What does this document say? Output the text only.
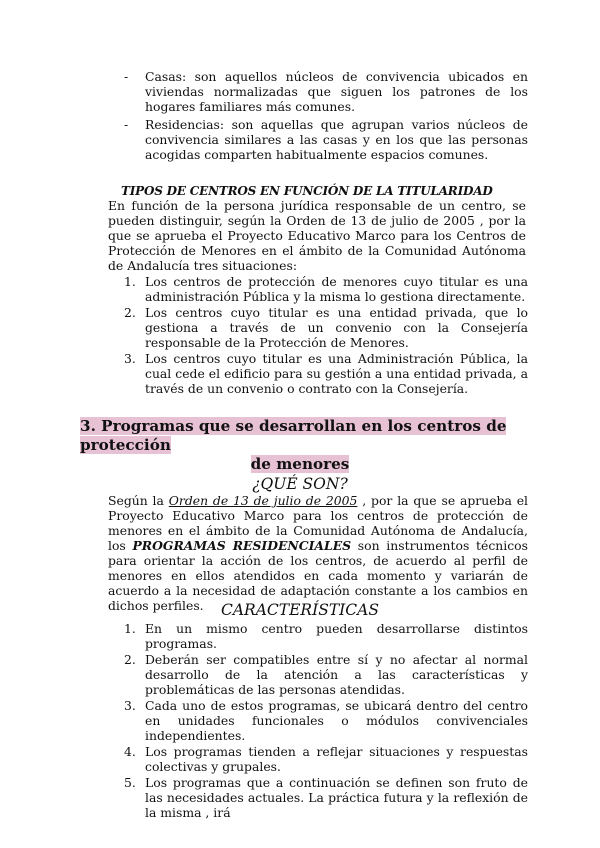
- Casas: son aquellos núcleos de convivencia ubicados en viviendas normalizadas que siguen los patrones de los hogares familiares más comunes.
- Residencias: son aquellas que agrupan varios núcleos de convivencia similares a las casas y en los que las personas acogidas comparten habitualmente espacios comunes.
TIPOS DE CENTROS EN FUNCIÓN DE LA TITULARIDAD
En función de la persona jurídica responsable de un centro, se pueden distinguir, según la Orden de 13 de julio de 2005 , por la que se aprueba el Proyecto Educativo Marco para los Centros de Protección de Menores en el ámbito de la Comunidad Autónoma de Andalucía tres situaciones:
1. Los centros de protección de menores cuyo titular es una administración Pública y la misma lo gestiona directamente.
2. Los centros cuyo titular es una entidad privada, que lo gestiona a través de un convenio con la Consejería responsable de la Protección de Menores.
3. Los centros cuyo titular es una Administración Pública, la cual cede el edificio para su gestión a una entidad privada, a través de un convenio o contrato con la Consejería.
3. Programas que se desarrollan en los centros de protección
de menores
¿QUÉ SON?
Según la Orden de 13 de julio de 2005 , por la que se aprueba el Proyecto Educativo Marco para los centros de protección de menores en el ámbito de la Comunidad Autónoma de Andalucía, los PROGRAMAS RESIDENCIALES son instrumentos técnicos para orientar la acción de los centros, de acuerdo al perfil de menores en ellos atendidos en cada momento y variarán de acuerdo a la necesidad de adaptación constante a los cambios en dichos perfiles.	CARACTERÍSTICAS
1. En un mismo centro pueden desarrollarse distintos programas.
2. Deberán ser compatibles entre sí y no afectar al normal desarrollo de la atención a las características y problemáticas de las personas atendidas.
3. Cada uno de estos programas, se ubicará dentro del centro en unidades funcionales o módulos convivenciales independientes.
4. Los programas tienden a reflejar situaciones y respuestas colectivas y grupales.
5. Los programas que a continuación se definen son fruto de las necesidades actuales. La práctica futura y la reflexión de la misma , irá
